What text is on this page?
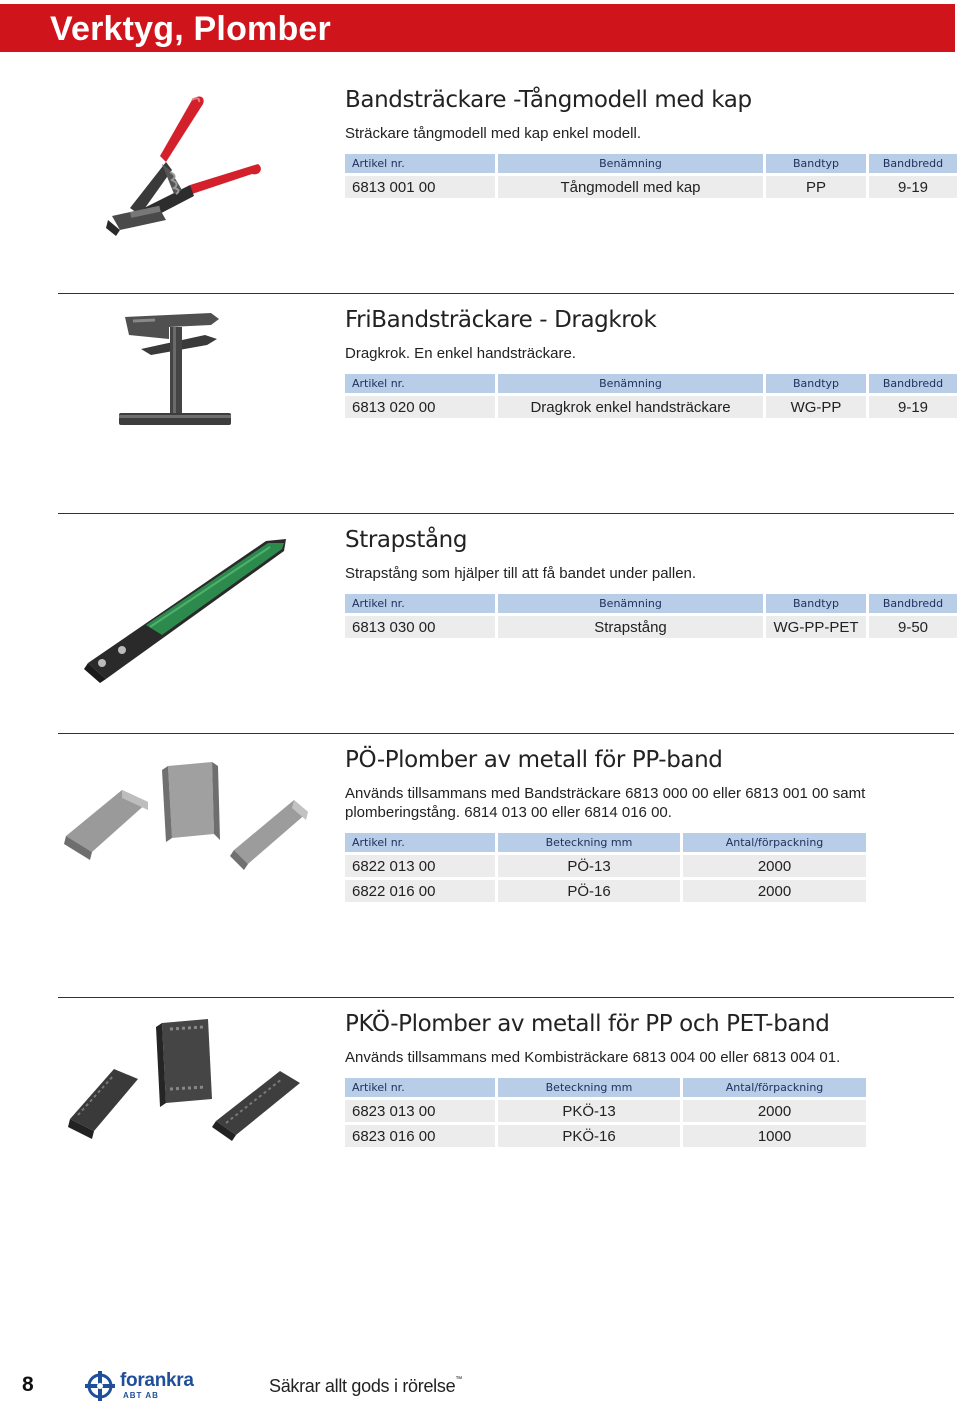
Verktyg, Plomber
Bandsträckare -Tångmodell med kap
Sträckare tångmodell med kap enkel modell.
Artikel nr.	Benämning	Bandtyp	Bandbredd
6813 001 00	Tångmodell med kap	PP	9-19
FriBandsträckare - Dragkrok
Dragkrok. En enkel handsträckare.
Artikel nr.	Benämning	Bandtyp	Bandbredd
6813 020 00	Dragkrok enkel handsträckare	WG-PP	9-19
Strapstång
Strapstång som hjälper till att få bandet under pallen.
Artikel nr.	Benämning	Bandtyp	Bandbredd
6813 030 00	Strapstång	WG-PP-PET	9-50
PÖ-Plomber av metall för PP-band
Används tillsammans med Bandsträckare 6813 000 00 eller 6813 001 00 samt plomberingstång. 6814 013 00 eller 6814 016 00.
Artikel nr.	Beteckning mm	Antal/förpackning
6822 013 00	PÖ-13	2000
6822 016 00	PÖ-16	2000
PKÖ-Plomber av metall för PP och PET-band
Används tillsammans med Kombisträckare 6813 004 00 eller 6813 004 01.
Artikel nr.	Beteckning mm	Antal/förpackning
6823 013 00	PKÖ-13	2000
6823 016 00	PKÖ-16	1000
8	forankra
ABT AB	Säkrar allt gods i rörelse™
